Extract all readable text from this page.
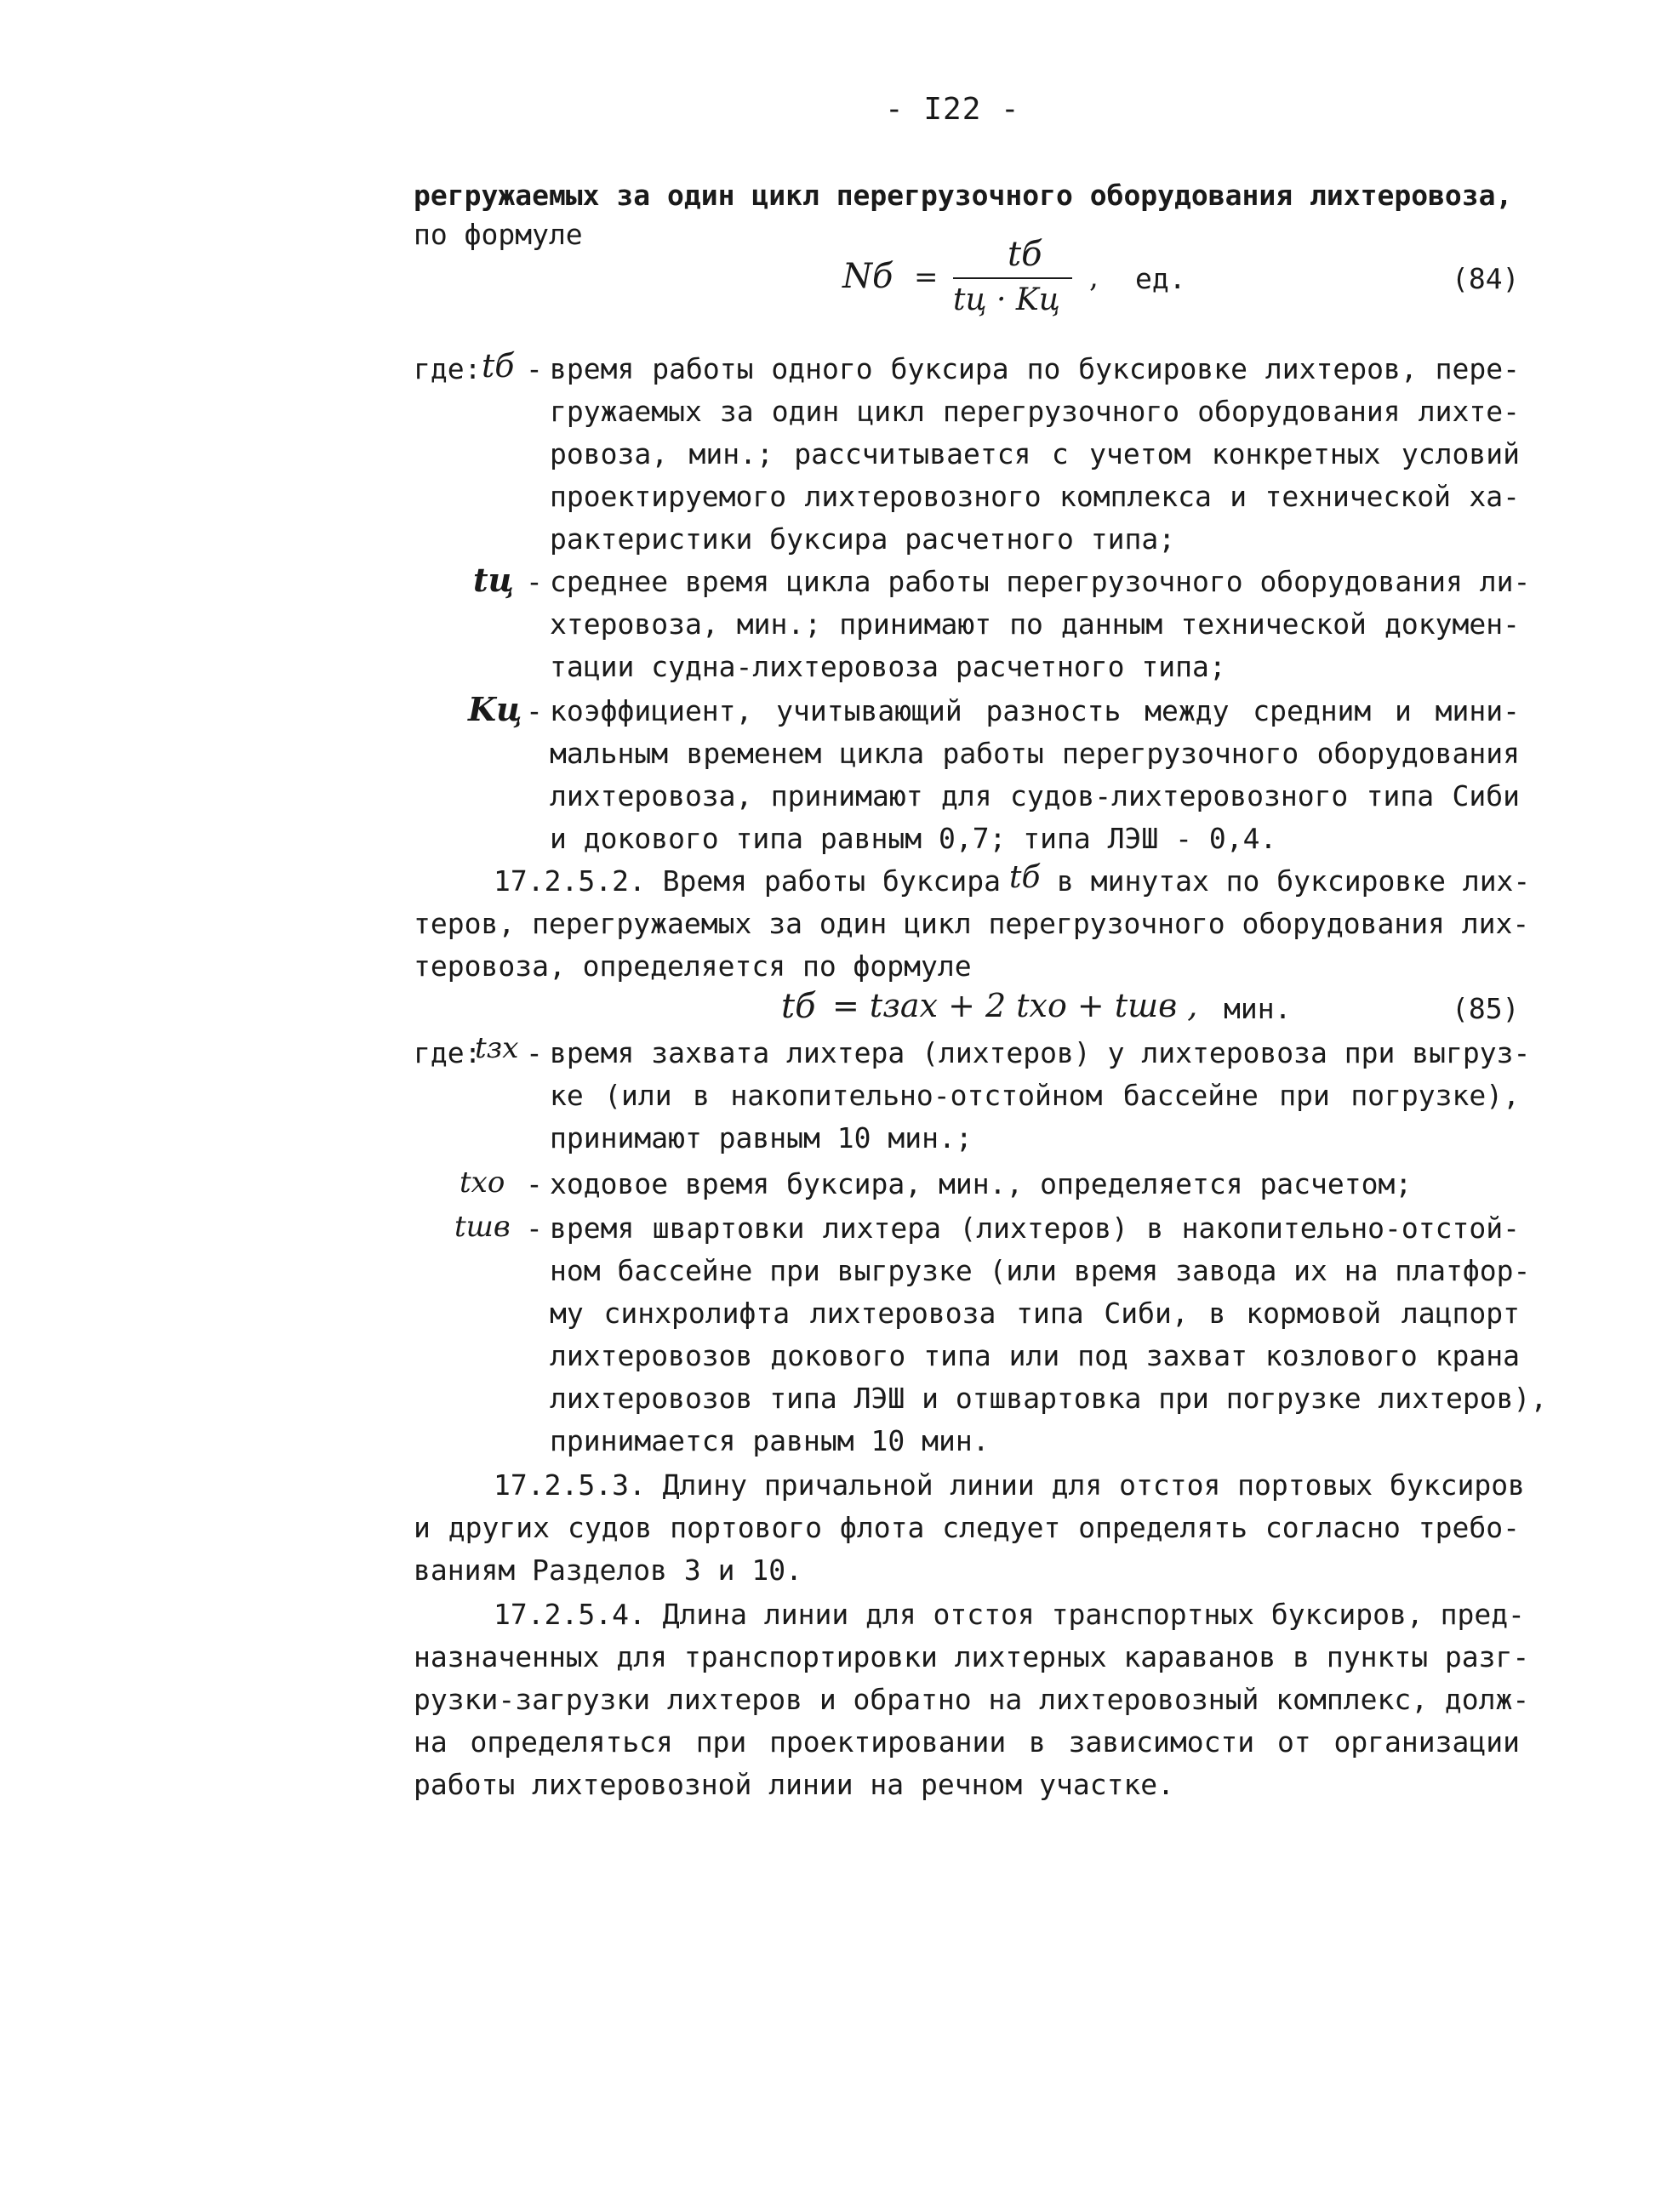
- I22 -
регружаемых за один цикл перегрузочного оборудования лихтеровоза,
по формуле
Nб =
tб
tц · Kц
, ед.	(84)
где: tб - время работы одного буксира по буксировке лихтеров, пере-
гружаемых за один цикл перегрузочного оборудования лихте-
ровоза, мин.; рассчитывается с учетом конкретных условий
проектируемого лихтеровозного комплекса и технической ха-
рактеристики буксира расчетного типа;
tц - среднее время цикла работы перегрузочного оборудования ли-
хтеровоза, мин.; принимают по данным технической докумен-
тации судна-лихтеровоза расчетного типа;
Kц - коэффициент, учитывающий разность между средним и мини-
мальным временем цикла работы перегрузочного оборудования
лихтеровоза, принимают для судов-лихтеровозного типа Сиби
и докового типа равным 0,7; типа ЛЭШ - 0,4.
17.2.5.2. Время работы буксира tб в минутах по буксировке лих-
теров, перегружаемых за один цикл перегрузочного оборудования лих-
теровоза, определяется по формуле
tб = tзах + 2 tхо + tшв , мин.	(85)
где:
tзх - время захвата лихтера (лихтеров) у лихтеровоза при выгруз-
ке (или в накопительно-отстойном бассейне при погрузке),
принимают равным 10 мин.;
tхо - ходовое время буксира, мин., определяется расчетом;
tшв - время швартовки лихтера (лихтеров) в накопительно-отстой-
ном бассейне при выгрузке (или время завода их на платфор-
му синхролифта лихтеровоза типа Сиби, в кормовой лацпорт
лихтеровозов докового типа или под захват козлового крана
лихтеровозов типа ЛЭШ и отшвартовка при погрузке лихтеров),
принимается равным 10 мин.
17.2.5.3. Длину причальной линии для отстоя портовых буксиров
и других судов портового флота следует определять согласно требо-
ваниям Разделов 3 и 10.
17.2.5.4. Длина линии для отстоя транспортных буксиров, пред-
назначенных для транспортировки лихтерных караванов в пункты разг-
рузки-загрузки лихтеров и обратно на лихтеровозный комплекс, долж-
на определяться при проектировании в зависимости от организации
работы лихтеровозной линии на речном участке.
